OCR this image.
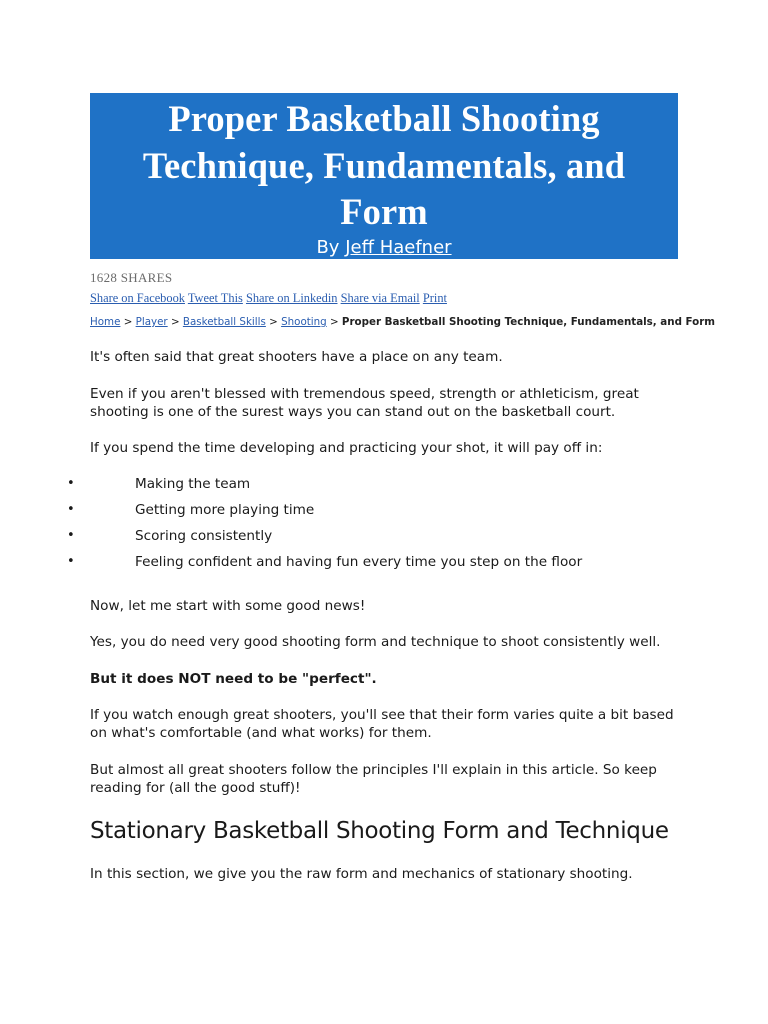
Proper Basketball Shooting
Technique, Fundamentals, and
Form
By Jeff Haefner
1628 SHARES
Share on Facebook Tweet This Share on Linkedin Share via Email Print
Home > Player > Basketball Skills > Shooting > Proper Basketball Shooting Technique, Fundamentals, and Form

It's often said that great shooters have a place on any team.

Even if you aren't blessed with tremendous speed, strength or athleticism, great shooting is one of the surest ways you can stand out on the basketball court.

If you spend the time developing and practicing your shot, it will pay off in:

•	Making the team
•	Getting more playing time
•	Scoring consistently
•	Feeling confident and having fun every time you step on the floor

Now, let me start with some good news!

Yes, you do need very good shooting form and technique to shoot consistently well.

But it does NOT need to be "perfect".

If you watch enough great shooters, you'll see that their form varies quite a bit based on what's comfortable (and what works) for them.

But almost all great shooters follow the principles I'll explain in this article. So keep reading for (all the good stuff)!

Stationary Basketball Shooting Form and Technique

In this section, we give you the raw form and mechanics of stationary shooting.
